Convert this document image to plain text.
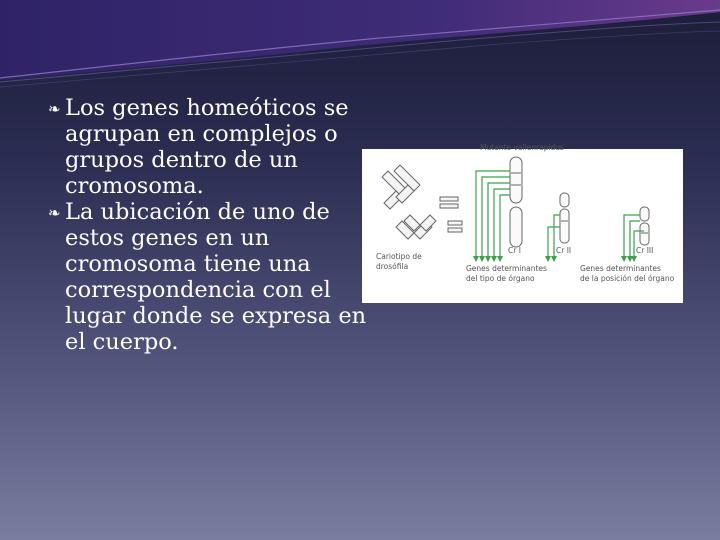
❧ Los genes homeóticos se agrupan en complejos o grupos dentro de un cromosoma.
❧ La ubicación de uno de estos genes en un cromosoma tiene una correspondencia con el lugar donde se expresa en el cuerpo.
Mutante vallenrapidus
Cariotipo de
drosófila
Cr I	Cr II	Cr III
Genes determinantes
del tipo de órgano
Genes determinantes
de la posición del órgano
